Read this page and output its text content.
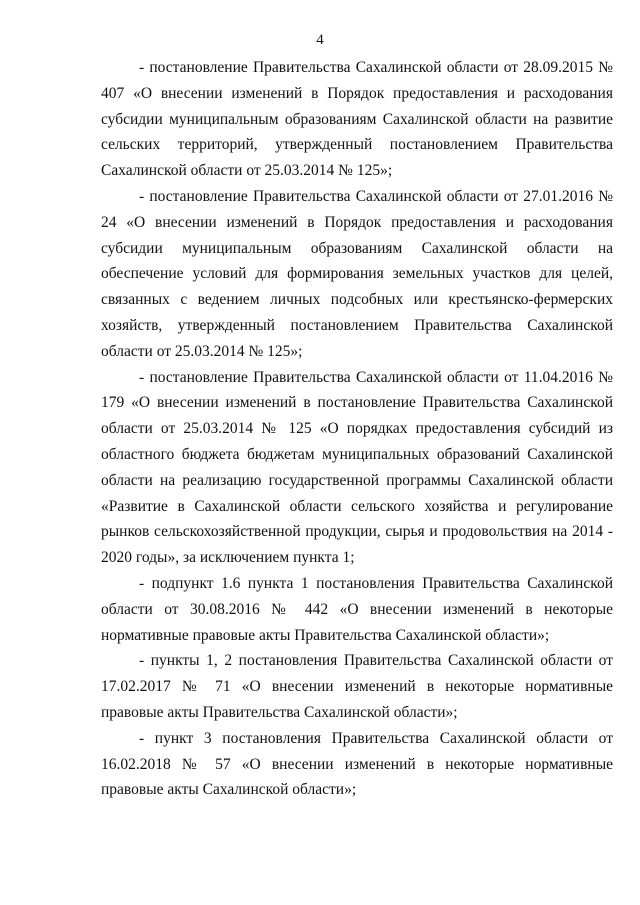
4

- постановление Правительства Сахалинской области от 28.09.2015 № 407 «О внесении изменений в Порядок предоставления и расходования субсидии муниципальным образованиям Сахалинской области на развитие сельских территорий, утвержденный постановлением Правительства Сахалинской области от 25.03.2014 № 125»;

- постановление Правительства Сахалинской области от 27.01.2016 № 24 «О внесении изменений в Порядок предоставления и расходования субсидии муниципальным образованиям Сахалинской области на обеспечение условий для формирования земельных участков для целей, связанных с ведением личных подсобных или крестьянско-фермерских хозяйств, утвержденный постановлением Правительства Сахалинской области от 25.03.2014 № 125»;

- постановление Правительства Сахалинской области от 11.04.2016 № 179 «О внесении изменений в постановление Правительства Сахалинской области от 25.03.2014 № 125 «О порядках предоставления субсидий из областного бюджета бюджетам муниципальных образований Сахалинской области на реализацию государственной программы Сахалинской области «Развитие в Сахалинской области сельского хозяйства и регулирование рынков сельскохозяйственной продукции, сырья и продовольствия на 2014 - 2020 годы», за исключением пункта 1;

- подпункт 1.6 пункта 1 постановления Правительства Сахалинской области от 30.08.2016 № 442 «О внесении изменений в некоторые нормативные правовые акты Правительства Сахалинской области»;

- пункты 1, 2 постановления Правительства Сахалинской области от 17.02.2017 № 71 «О внесении изменений в некоторые нормативные правовые акты Правительства Сахалинской области»;

- пункт 3 постановления Правительства Сахалинской области от 16.02.2018 № 57 «О внесении изменений в некоторые нормативные правовые акты Сахалинской области»;
